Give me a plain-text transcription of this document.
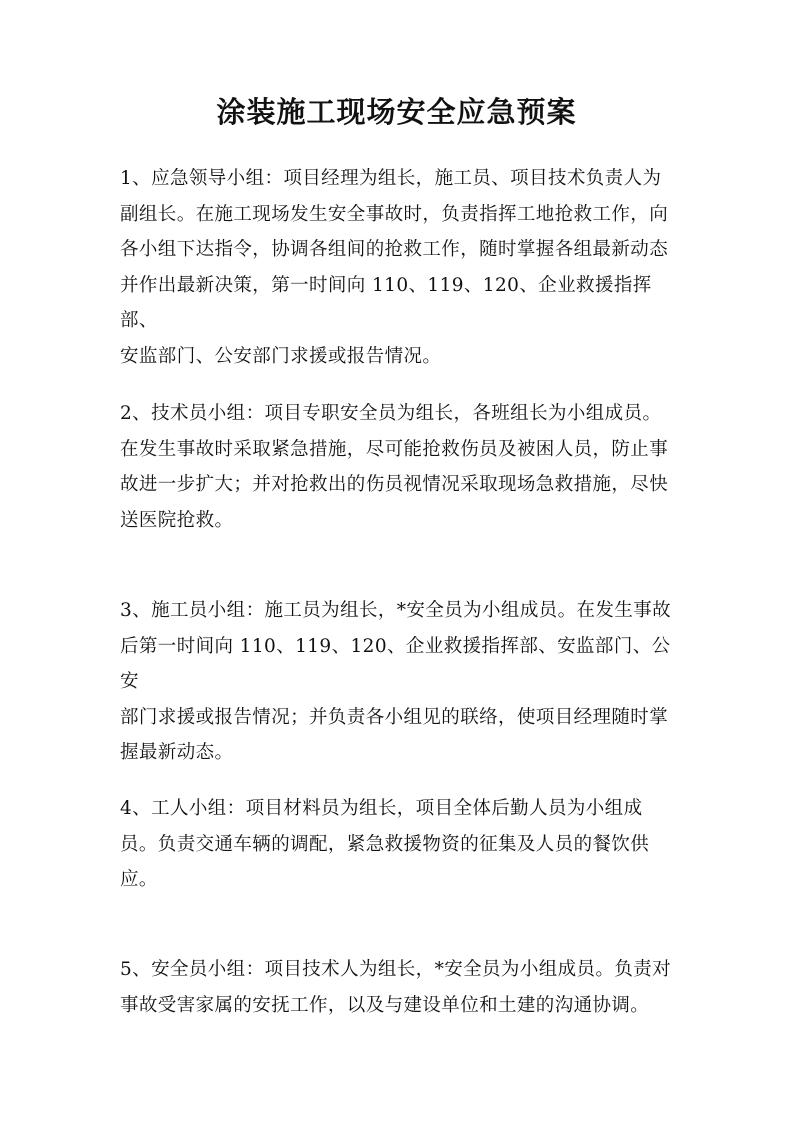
涂装施工现场安全应急预案
1、应急领导小组：项目经理为组长，施工员、项目技术负责人为
副组长。在施工现场发生安全事故时，负责指挥工地抢救工作，向
各小组下达指令，协调各组间的抢救工作，随时掌握各组最新动态
并作出最新决策，第一时间向 110、119、120、企业救援指挥部、
安监部门、公安部门求援或报告情况。
2、技术员小组：项目专职安全员为组长，各班组长为小组成员。
在发生事故时采取紧急措施，尽可能抢救伤员及被困人员，防止事
故进一步扩大；并对抢救出的伤员视情况采取现场急救措施，尽快
送医院抢救。
3、施工员小组：施工员为组长，*安全员为小组成员。在发生事故
后第一时间向 110、119、120、企业救援指挥部、安监部门、公安
部门求援或报告情况；并负责各小组见的联络，使项目经理随时掌
握最新动态。
4、工人小组：项目材料员为组长，项目全体后勤人员为小组成
员。负责交通车辆的调配，紧急救援物资的征集及人员的餐饮供
应。
5、安全员小组：项目技术人为组长，*安全员为小组成员。负责对
事故受害家属的安抚工作，以及与建设单位和土建的沟通协调。
